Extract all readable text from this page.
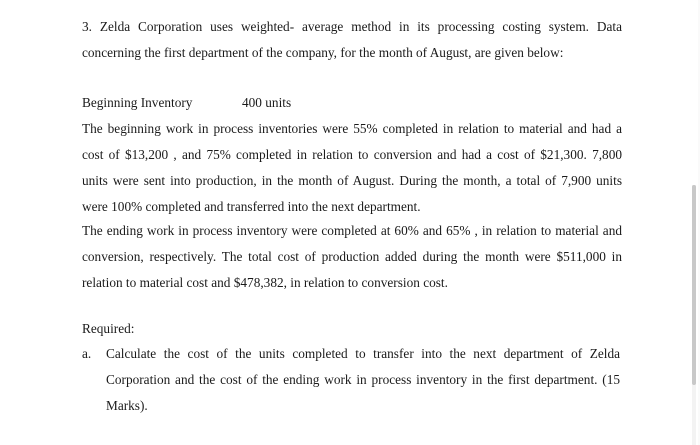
3. Zelda Corporation uses weighted- average method in its processing costing system. Data
concerning the first department of the company, for the month of August, are given below:
Beginning Inventory	400 units
The beginning work in process inventories were 55% completed in relation to material and had a
cost of $13,200 , and 75% completed in relation to conversion and had a cost of $21,300. 7,800
units were sent into production, in the month of August. During the month, a total of 7,900 units
were 100% completed and transferred into the next department.
The ending work in process inventory were completed at 60% and 65% , in relation to material and
conversion, respectively. The total cost of production added during the month were $511,000 in
relation to material cost and $478,382, in relation to conversion cost.
Required:
a. Calculate the cost of the units completed to transfer into the next department of Zelda
Corporation and the cost of the ending work in process inventory in the first department. (15
Marks).
